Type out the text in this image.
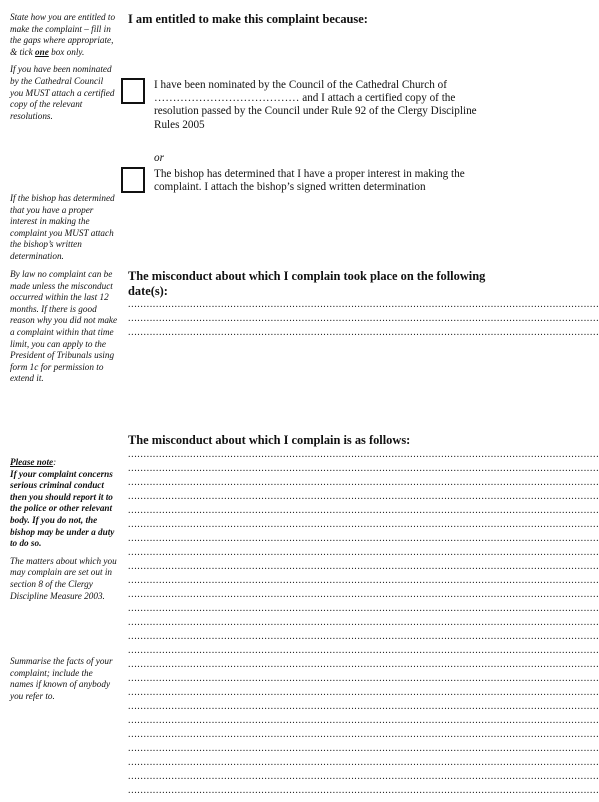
State how you are entitled to make the complaint – fill in the gaps where appropriate, & tick one box only.

If you have been nominated by the Cathedral Council you MUST attach a certified copy of the relevant resolutions.

If the bishop has determined that you have a proper interest in making the complaint you MUST attach the bishop’s written determination.
By law no complaint can be made unless the misconduct occurred within the last 12 months. If there is good reason why you did not make a complaint within that time limit, you can apply to the President of Tribunals using form 1c for permission to extend it.

Please note:

If your complaint concerns serious criminal conduct then you should report it to the police or other relevant body. If you do not, the bishop may be under a duty to do so.

The matters about which you may complain are set out in section 8 of the Clergy Discipline Measure 2003.

Summarise the facts of your complaint; include the names if known of anybody you refer to.
I am entitled to make this complaint because:
I have been nominated by the Council of the Cathedral Church of ………………………………… and I attach a certified copy of the resolution passed by the Council under Rule 92 of the Clergy Discipline Rules 2005
or
The bishop has determined that I have a proper interest in making the complaint. I attach the bishop’s signed written determination
The misconduct about which I complain took place on the following date(s):
........................................................................................................................................................
........................................................................................................................................................
........................................................................................................................................................
The misconduct about which I complain is as follows:
........................................................................................................................................................
........................................................................................................................................................
........................................................................................................................................................
........................................................................................................................................................
........................................................................................................................................................
........................................................................................................................................................
........................................................................................................................................................
........................................................................................................................................................
........................................................................................................................................................
........................................................................................................................................................
........................................................................................................................................................
........................................................................................................................................................
........................................................................................................................................................
........................................................................................................................................................
........................................................................................................................................................
........................................................................................................................................................
........................................................................................................................................................
........................................................................................................................................................
........................................................................................................................................................
........................................................................................................................................................
........................................................................................................................................................
........................................................................................................................................................
........................................................................................................................................................
........................................................................................................................................................
........................................................................................................................................................
